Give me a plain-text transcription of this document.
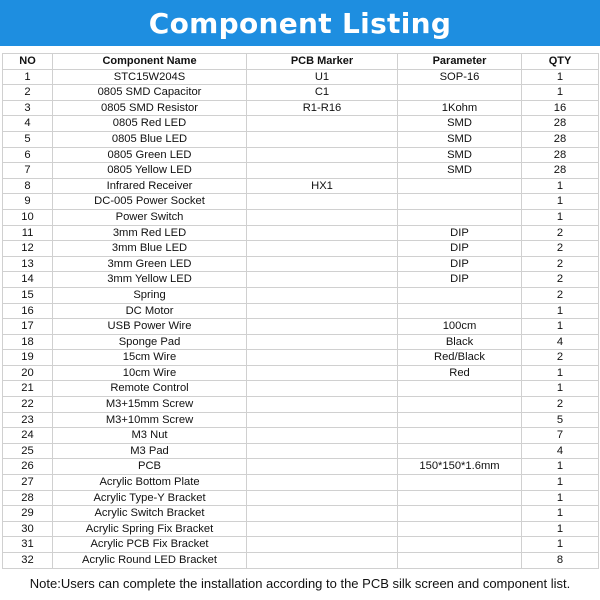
Component Listing
NO	Component Name	PCB Marker	Parameter	QTY
1	STC15W204S	U1	SOP-16	1
2	0805 SMD Capacitor	C1		1
3	0805 SMD Resistor	R1-R16	1Kohm	16
4	0805 Red LED		SMD	28
5	0805 Blue LED		SMD	28
6	0805 Green LED		SMD	28
7	0805 Yellow LED		SMD	28
8	Infrared Receiver	HX1		1
9	DC-005 Power Socket			1
10	Power Switch			1
11	3mm Red LED		DIP	2
12	3mm Blue LED		DIP	2
13	3mm Green LED		DIP	2
14	3mm Yellow LED		DIP	2
15	Spring			2
16	DC Motor			1
17	USB Power Wire		100cm	1
18	Sponge Pad		Black	4
19	15cm Wire		Red/Black	2
20	10cm Wire		Red	1
21	Remote Control			1
22	M3+15mm Screw			2
23	M3+10mm Screw			5
24	M3 Nut			7
25	M3 Pad			4
26	PCB		150*150*1.6mm	1
27	Acrylic Bottom Plate			1
28	Acrylic Type-Y Bracket			1
29	Acrylic Switch Bracket			1
30	Acrylic Spring Fix Bracket			1
31	Acrylic PCB Fix Bracket			1
32	Acrylic Round LED Bracket			8
Note:Users can complete the installation according to the PCB silk screen and component list.
